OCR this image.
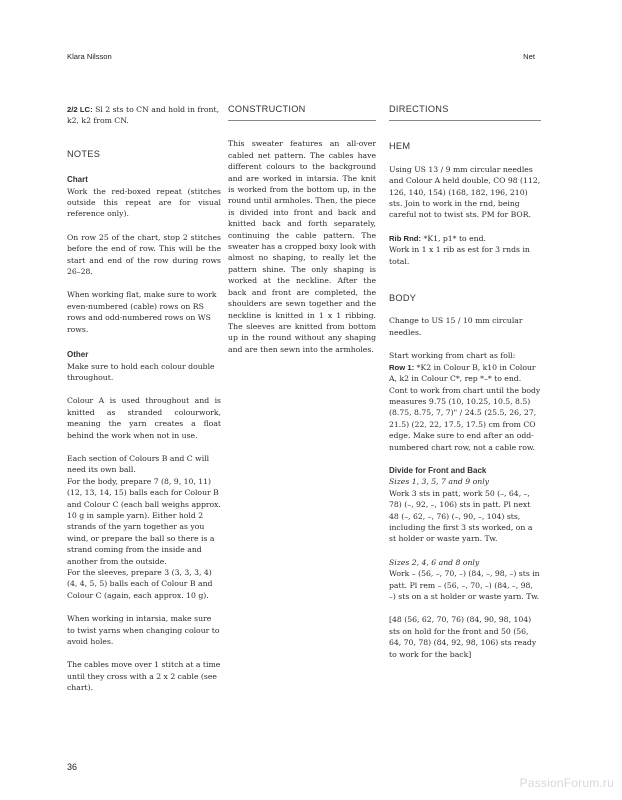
Klara Nilsson	Net

2/2 LC: Sl 2 sts to CN and hold in front, k2, k2 from CN.

NOTES
Chart

Work the red-boxed repeat (stitches outside this repeat are for visual reference only).

On row 25 of the chart, stop 2 stitches before the end of row. This will be the start and end of the row during rows 26–28.

When working flat, make sure to work even-numbered (cable) rows on RS rows and odd-numbered rows on WS rows.

Other

Make sure to hold each colour double throughout.

Colour A is used throughout and is knitted as stranded colourwork, meaning the yarn creates a float behind the work when not in use.

Each section of Colours B and C will need its own ball.

For the body, prepare 7 (8, 9, 10, 11) (12, 13, 14, 15) balls each for Colour B and Colour C (each ball weighs approx. 10 g in sample yarn). Either hold 2 strands of the yarn together as you wind, or prepare the ball so there is a strand coming from the inside and another from the outside.

For the sleeves, prepare 3 (3, 3, 3, 4) (4, 4, 5, 5) balls each of Colour B and Colour C (again, each approx. 10 g).

When working in intarsia, make sure to twist yarns when changing colour to avoid holes.

The cables move over 1 stitch at a time until they cross with a 2 x 2 cable (see chart).

CONSTRUCTION

This sweater features an all-over cabled net pattern. The cables have different colours to the background and are worked in intarsia. The knit is worked from the bottom up, in the round until armholes. Then, the piece is divided into front and back and knitted back and forth separately, continuing the cable pattern. The sweater has a cropped boxy look with almost no shaping, to really let the pattern shine. The only shaping is worked at the neckline. After the back and front are completed, the shoulders are sewn together and the neckline is knitted in 1 x 1 ribbing. The sleeves are knitted from bottom up in the round without any shaping and are then sewn into the armholes.

DIRECTIONS
HEM

Using US 13 / 9 mm circular needles and Colour A held double, CO 98 (112, 126, 140, 154) (168, 182, 196, 210) sts. Join to work in the rnd, being careful not to twist sts. PM for BOR.

Rib Rnd: *K1, p1* to end.

Work in 1 x 1 rib as est for 3 rnds in total.

BODY

Change to US 15 / 10 mm circular needles.

Start working from chart as foll:

Row 1: *K2 in Colour B, k10 in Colour A, k2 in Colour C*, rep *–* to end.

Cont to work from chart until the body measures 9.75 (10, 10.25, 10.5, 8.5) (8.75, 8.75, 7, 7)" / 24.5 (25.5, 26, 27, 21.5) (22, 22, 17.5, 17.5) cm from CO edge. Make sure to end after an odd-numbered chart row, not a cable row.

Divide for Front and Back
Sizes 1, 3, 5, 7 and 9 only

Work 3 sts in patt, work 50 (–, 64, –, 78) (–, 92, –, 106) sts in patt. Pl next 48 (–, 62, –, 76) (–, 90, –, 104) sts, including the first 3 sts worked, on a st holder or waste yarn. Tw.

Sizes 2, 4, 6 and 8 only

Work – (56, –, 70, –) (84, –, 98, –) sts in patt. Pl rem – (56, –, 70, –) (84, –, 98, –) sts on a st holder or waste yarn. Tw.

[48 (56, 62, 70, 76) (84, 90, 98, 104) sts on hold for the front and 50 (56, 64, 70, 78) (84, 92, 98, 106) sts ready to work for the back]

36
PassionForum.ru
